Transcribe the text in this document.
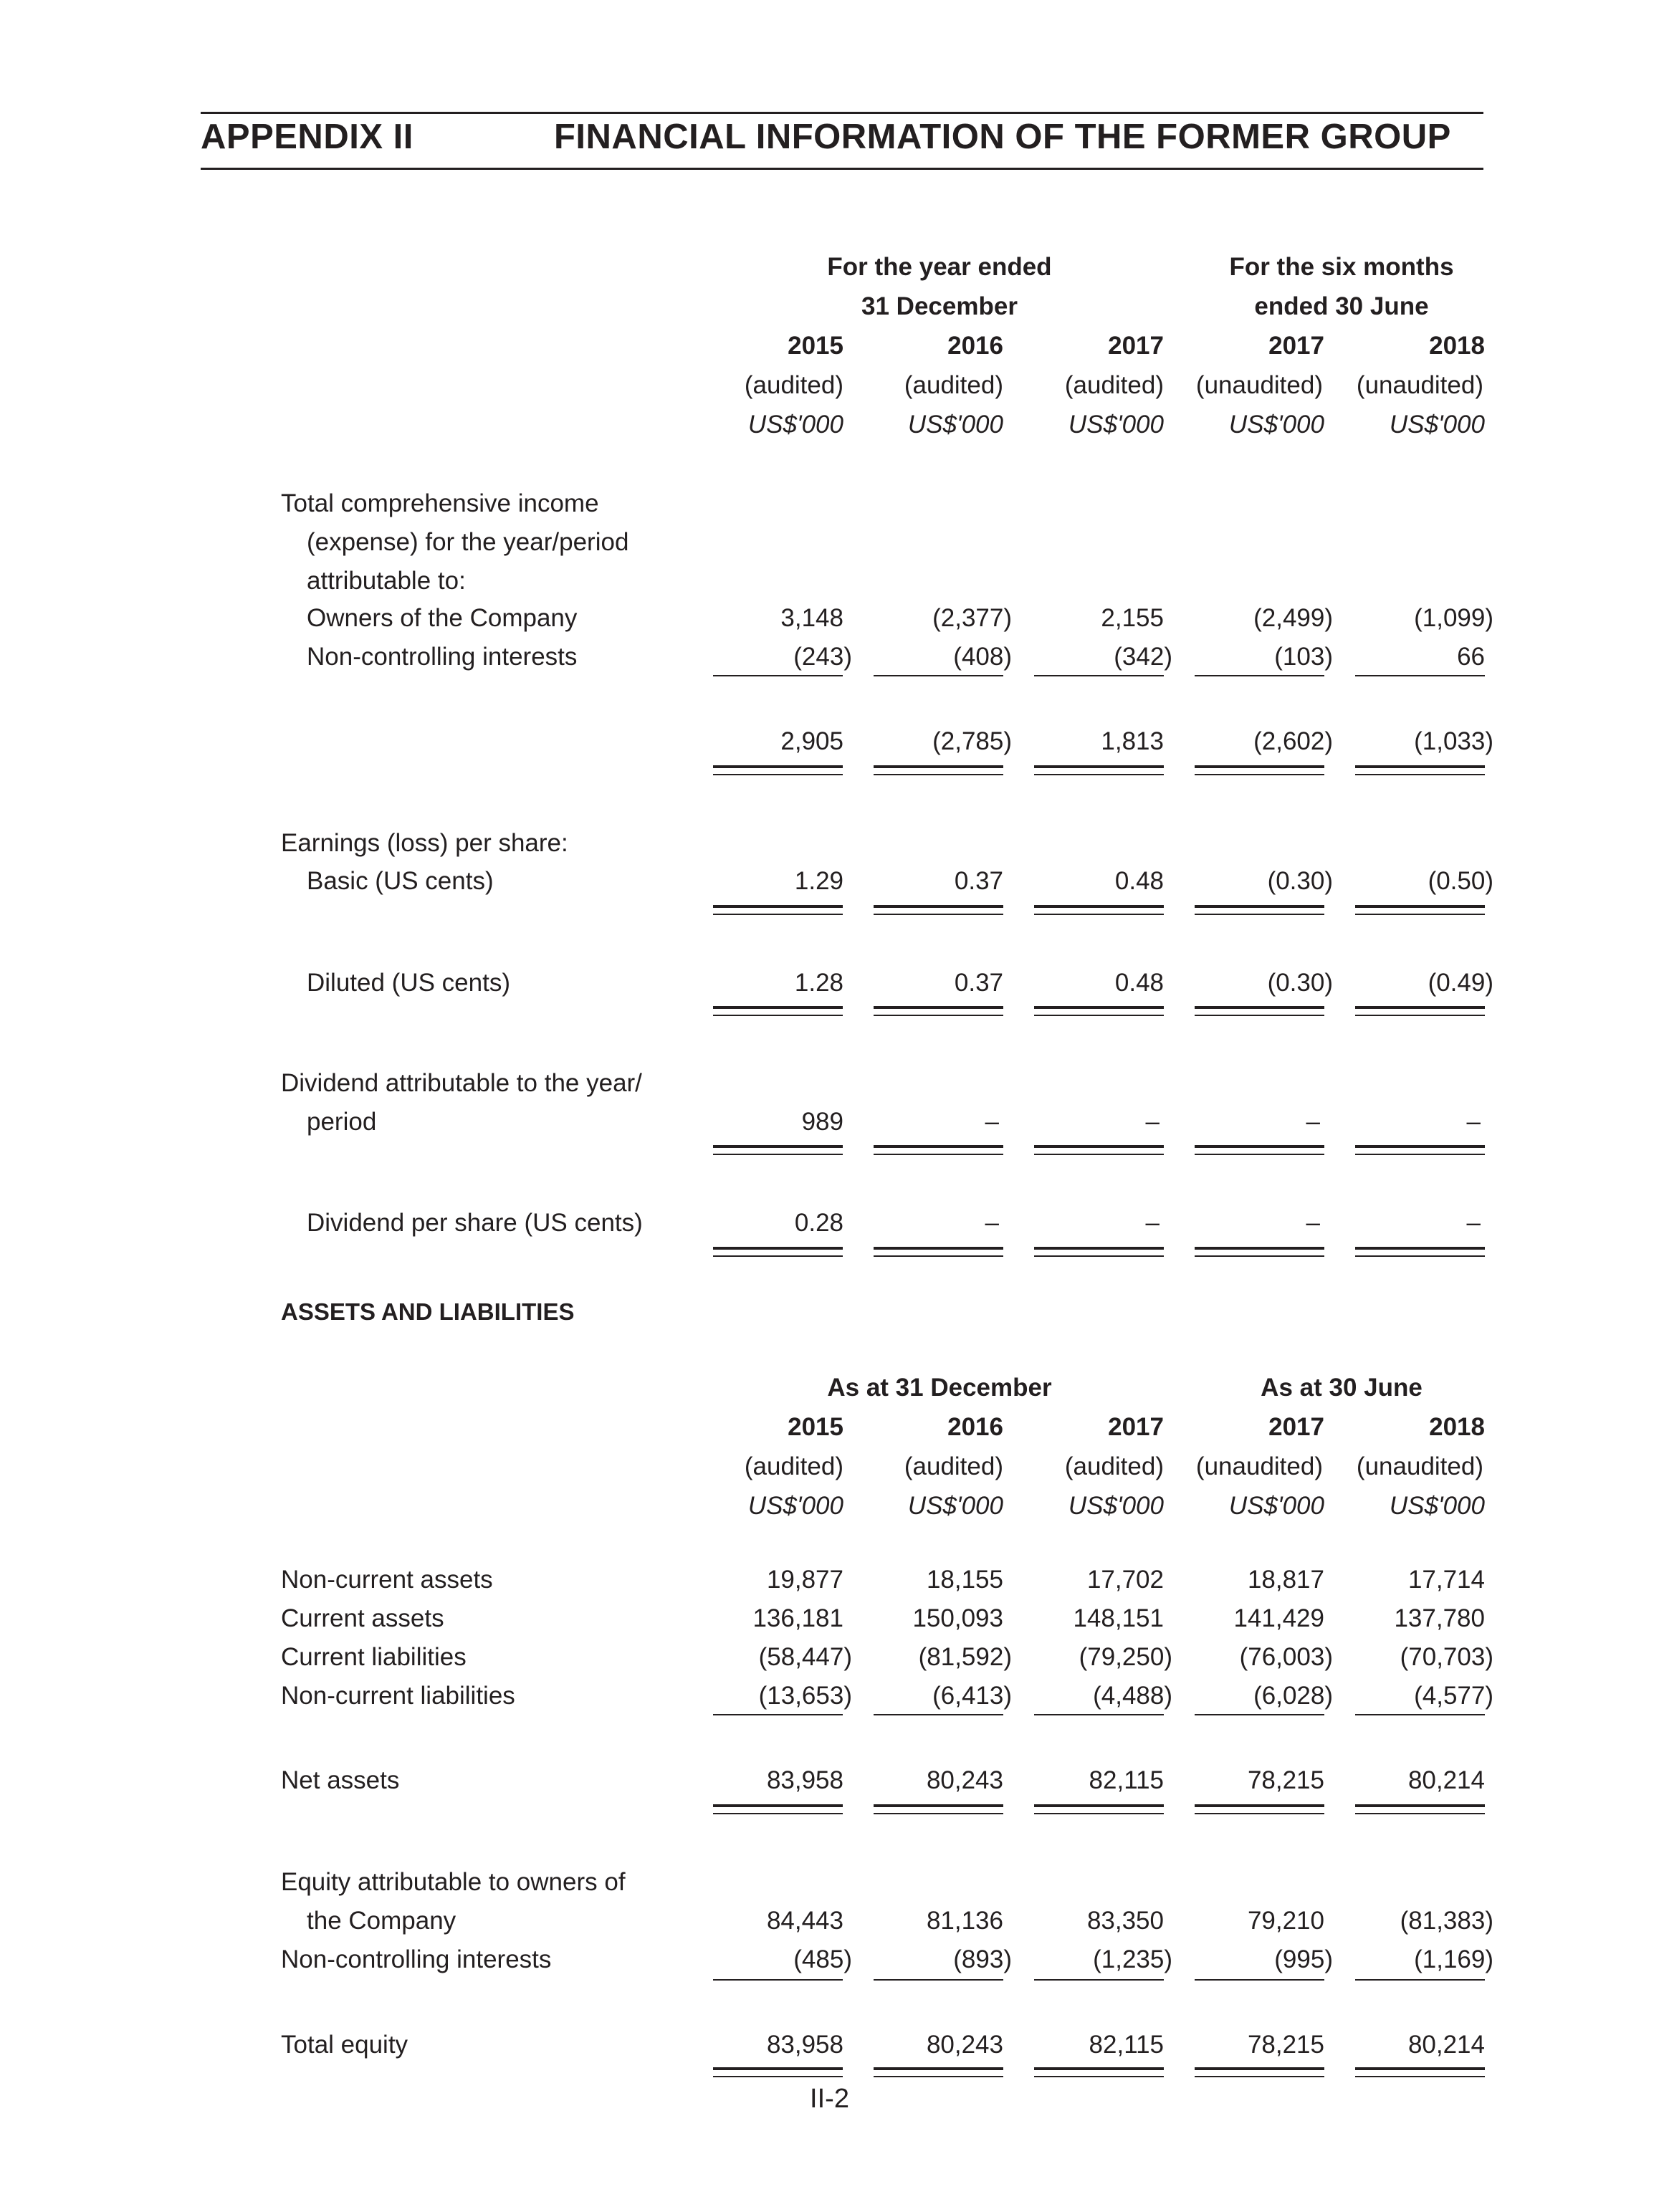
APPENDIX II	FINANCIAL INFORMATION OF THE FORMER GROUP
For the year ended
31 December
For the six months
ended 30 June
2015	2016	2017	2017	2018
(audited) (audited) (audited) (unaudited) (unaudited)
US$'000	US$'000	US$'000	US$'000	US$'000
Total comprehensive income
(expense) for the year/period
attributable to:
Owners of the Company	3,148	(2,377)	2,155	(2,499)	(1,099)
Non-controlling interests	(243)	(408)	(342)	(103)	66
2,905	(2,785)	1,813	(2,602)	(1,033)
Earnings (loss) per share:
Basic (US cents)	1.29	0.37	0.48	(0.30)	(0.50)
Diluted (US cents)	1.28	0.37	0.48	(0.30)	(0.49)
Dividend attributable to the year/
period	989	–	–	–	–
Dividend per share (US cents)	0.28	–	–	–	–
ASSETS AND LIABILITIES
As at 31 December	As at 30 June
2015	2016	2017	2017	2018
(audited) (audited) (audited) (unaudited) (unaudited)
US$'000	US$'000	US$'000	US$'000	US$'000
Non-current assets	19,877	18,155	17,702	18,817	17,714
Current assets	136,181	150,093	148,151	141,429	137,780
Current liabilities	(58,447)	(81,592)	(79,250)	(76,003)	(70,703)
Non-current liabilities	(13,653)	(6,413)	(4,488)	(6,028)	(4,577)
Net assets	83,958	80,243	82,115	78,215	80,214
Equity attributable to owners of
the Company	84,443	81,136	83,350	79,210	(81,383)
Non-controlling interests	(485)	(893)	(1,235)	(995)	(1,169)
Total equity	83,958	80,243	82,115	78,215	80,214
II-2
